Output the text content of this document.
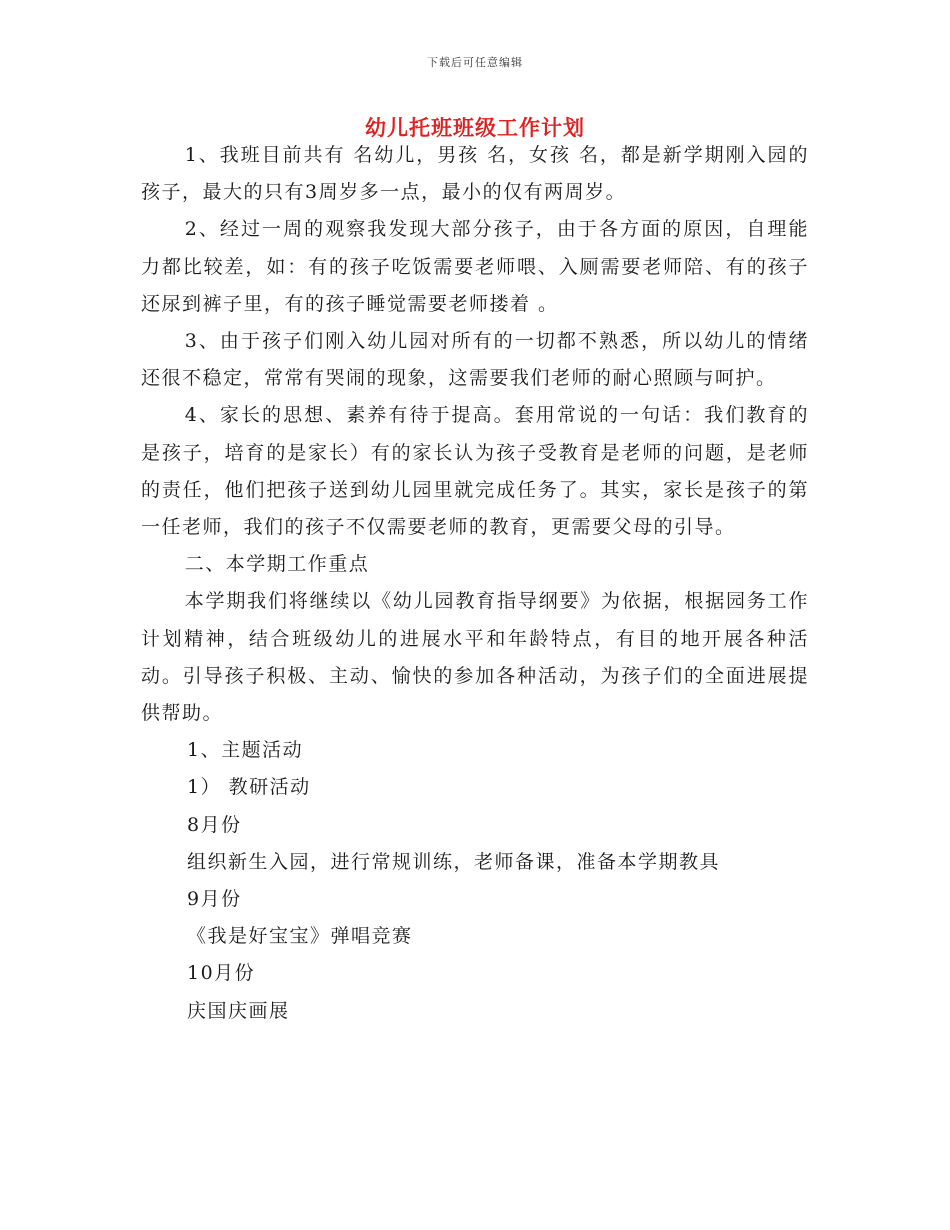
下载后可任意编辑
幼儿托班班级工作计划

1、我班目前共有 名幼儿，男孩 名，女孩 名，都是新学期刚入园的孩子，最大的只有3周岁多一点，最小的仅有两周岁。

2、经过一周的观察我发现大部分孩子，由于各方面的原因，自理能力都比较差，如：有的孩子吃饭需要老师喂、入厕需要老师陪、有的孩子还尿到裤子里，有的孩子睡觉需要老师搂着 。

3、由于孩子们刚入幼儿园对所有的一切都不熟悉，所以幼儿的情绪还很不稳定，常常有哭闹的现象，这需要我们老师的耐心照顾与呵护。

4、家长的思想、素养有待于提高。套用常说的一句话：我们教育的是孩子，培育的是家长）有的家长认为孩子受教育是老师的问题，是老师的责任，他们把孩子送到幼儿园里就完成任务了。其实，家长是孩子的第一任老师，我们的孩子不仅需要老师的教育，更需要父母的引导。

二、本学期工作重点

本学期我们将继续以《幼儿园教育指导纲要》为依据，根据园务工作计划精神，结合班级幼儿的进展水平和年龄特点，有目的地开展各种活动。引导孩子积极、主动、愉快的参加各种活动，为孩子们的全面进展提供帮助。

1、主题活动

1） 教研活动

8月份

组织新生入园，进行常规训练，老师备课，准备本学期教具

9月份

《我是好宝宝》弹唱竞赛

10月份

庆国庆画展
